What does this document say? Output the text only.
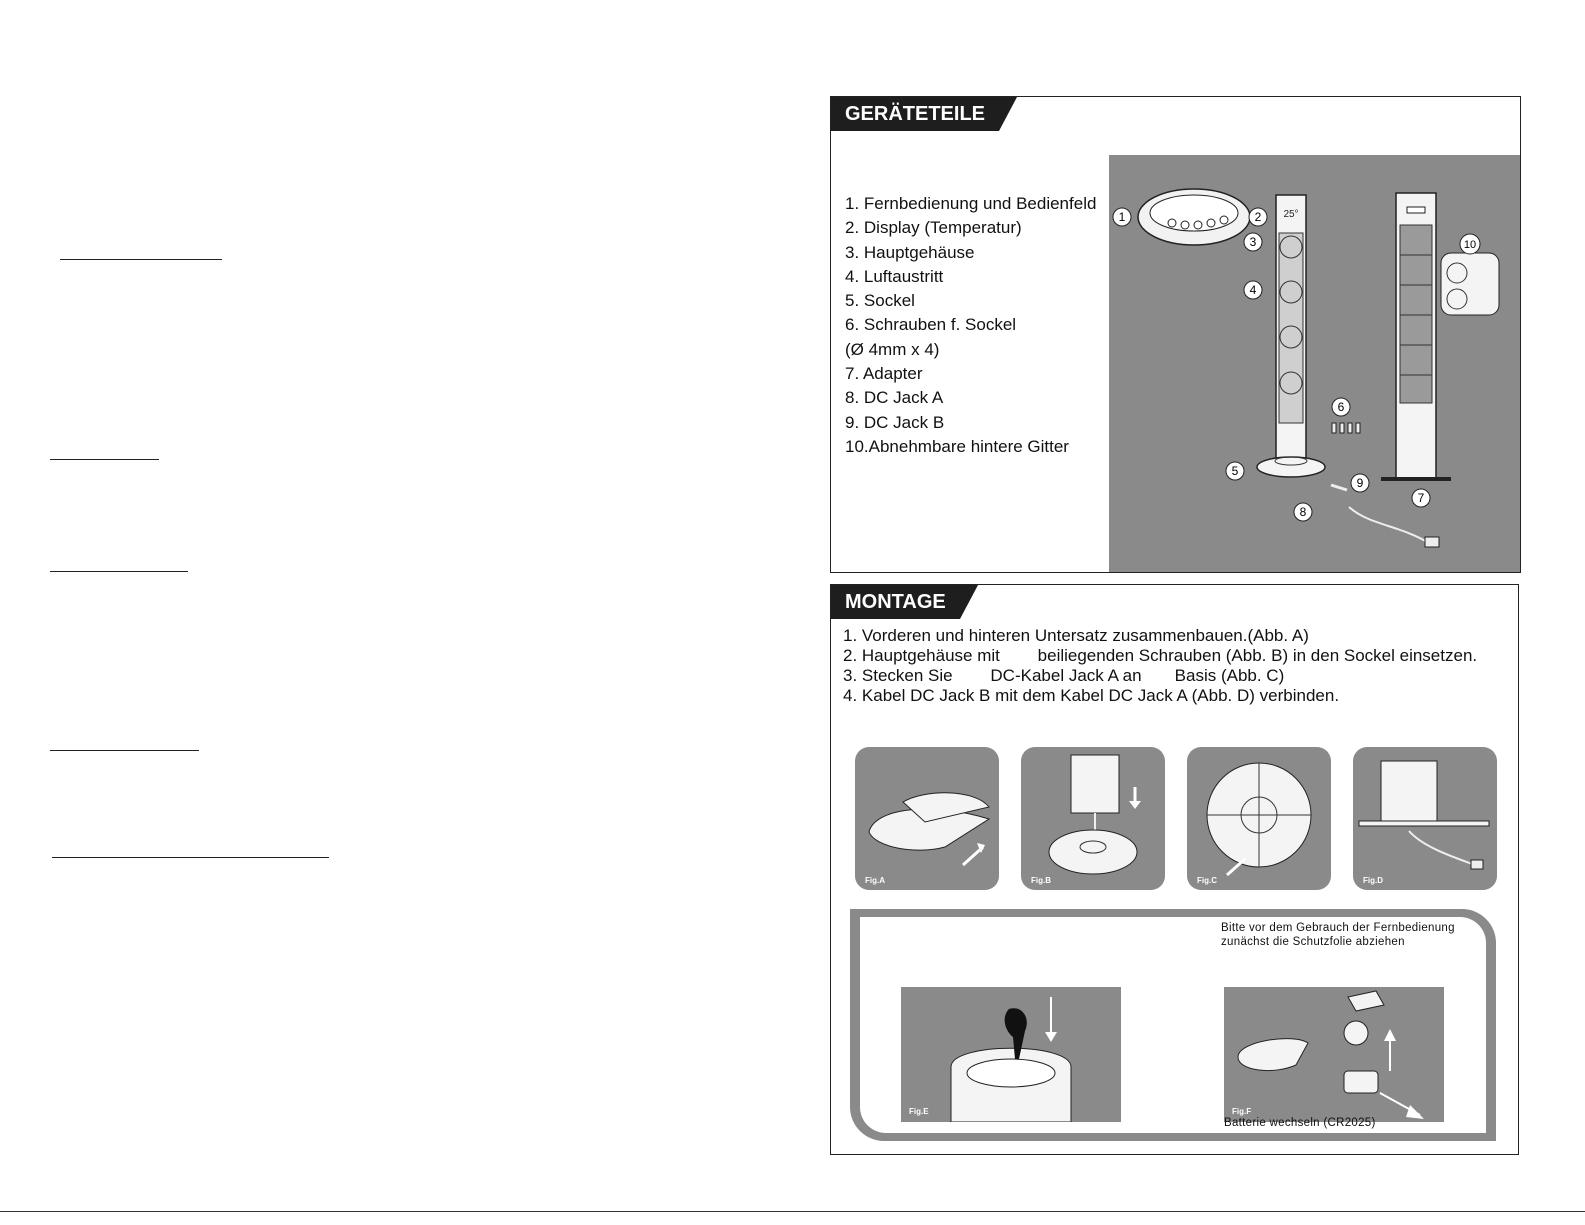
GERÄTETEILE
1. Fernbedienung und Bedienfeld
2. Display (Temperatur)
3. Hauptgehäuse
4. Luftaustritt
5. Sockel
6. Schrauben f. Sockel
(Ø 4mm x 4)
7. Adapter
8. DC Jack A
9. DC Jack B
10.Abnehmbare hintere Gitter
25°
1	2
3
4
5
6
7
8
9
10
MONTAGE
1. Vorderen und hinteren Untersatz zusammenbauen.(Abb. A)
2. Hauptgehäuse mit        beiliegenden Schrauben (Abb. B) in den Sockel einsetzen.
3. Stecken Sie        DC-Kabel Jack A an       Basis (Abb. C)
4. Kabel DC Jack B mit dem Kabel DC Jack A (Abb. D) verbinden.
Fig.A	Fig.B	Fig.C	Fig.D
Bitte vor dem Gebrauch der Fernbedienung
zunächst die Schutzfolie abziehen
Fig.E	Fig.F
Batterie wechseln (CR2025)
